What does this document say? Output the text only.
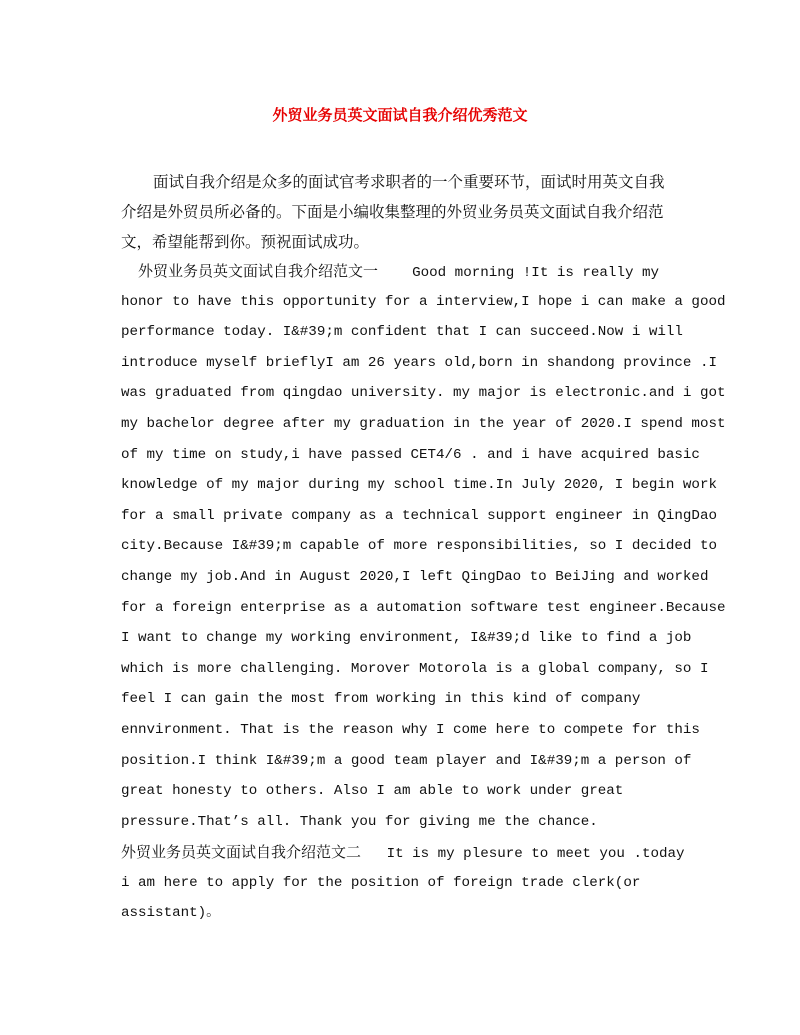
外贸业务员英文面试自我介绍优秀范文
面试自我介绍是众多的面试官考求职者的一个重要环节，面试时用英文自我
介绍是外贸员所必备的。下面是小编收集整理的外贸业务员英文面试自我介绍范
文，希望能帮到你。预祝面试成功。
外贸业务员英文面试自我介绍范文一 Good morning !It is really my
honor to have this opportunity for a interview,I hope i can make a good
performance today. I&#39;m confident that I can succeed.Now i will
introduce myself brieflyI am 26 years old,born in shandong province .I
was graduated from qingdao university. my major is electronic.and i got
my bachelor degree after my graduation in the year of 2020.I spend most
of my time on study,i have passed CET4/6 . and i have acquired basic
knowledge of my major during my school time.In July 2020, I begin work
for a small private company as a technical support engineer in QingDao
city.Because I&#39;m capable of more responsibilities, so I decided to
change my job.And in August 2020,I left QingDao to BeiJing and worked
for a foreign enterprise as a automation software test engineer.Because
I want to change my working environment, I&#39;d like to find a job
which is more challenging. Morover Motorola is a global company, so I
feel I can gain the most from working in this kind of company
ennvironment. That is the reason why I come here to compete for this
position.I think I&#39;m a good team player and I&#39;m a person of
great honesty to others. Also I am able to work under great
pressure.That’s all. Thank you for giving me the chance.
外贸业务员英文面试自我介绍范文二 It is my plesure to meet you .today
i am here to apply for the position of foreign trade clerk(or
assistant)。
